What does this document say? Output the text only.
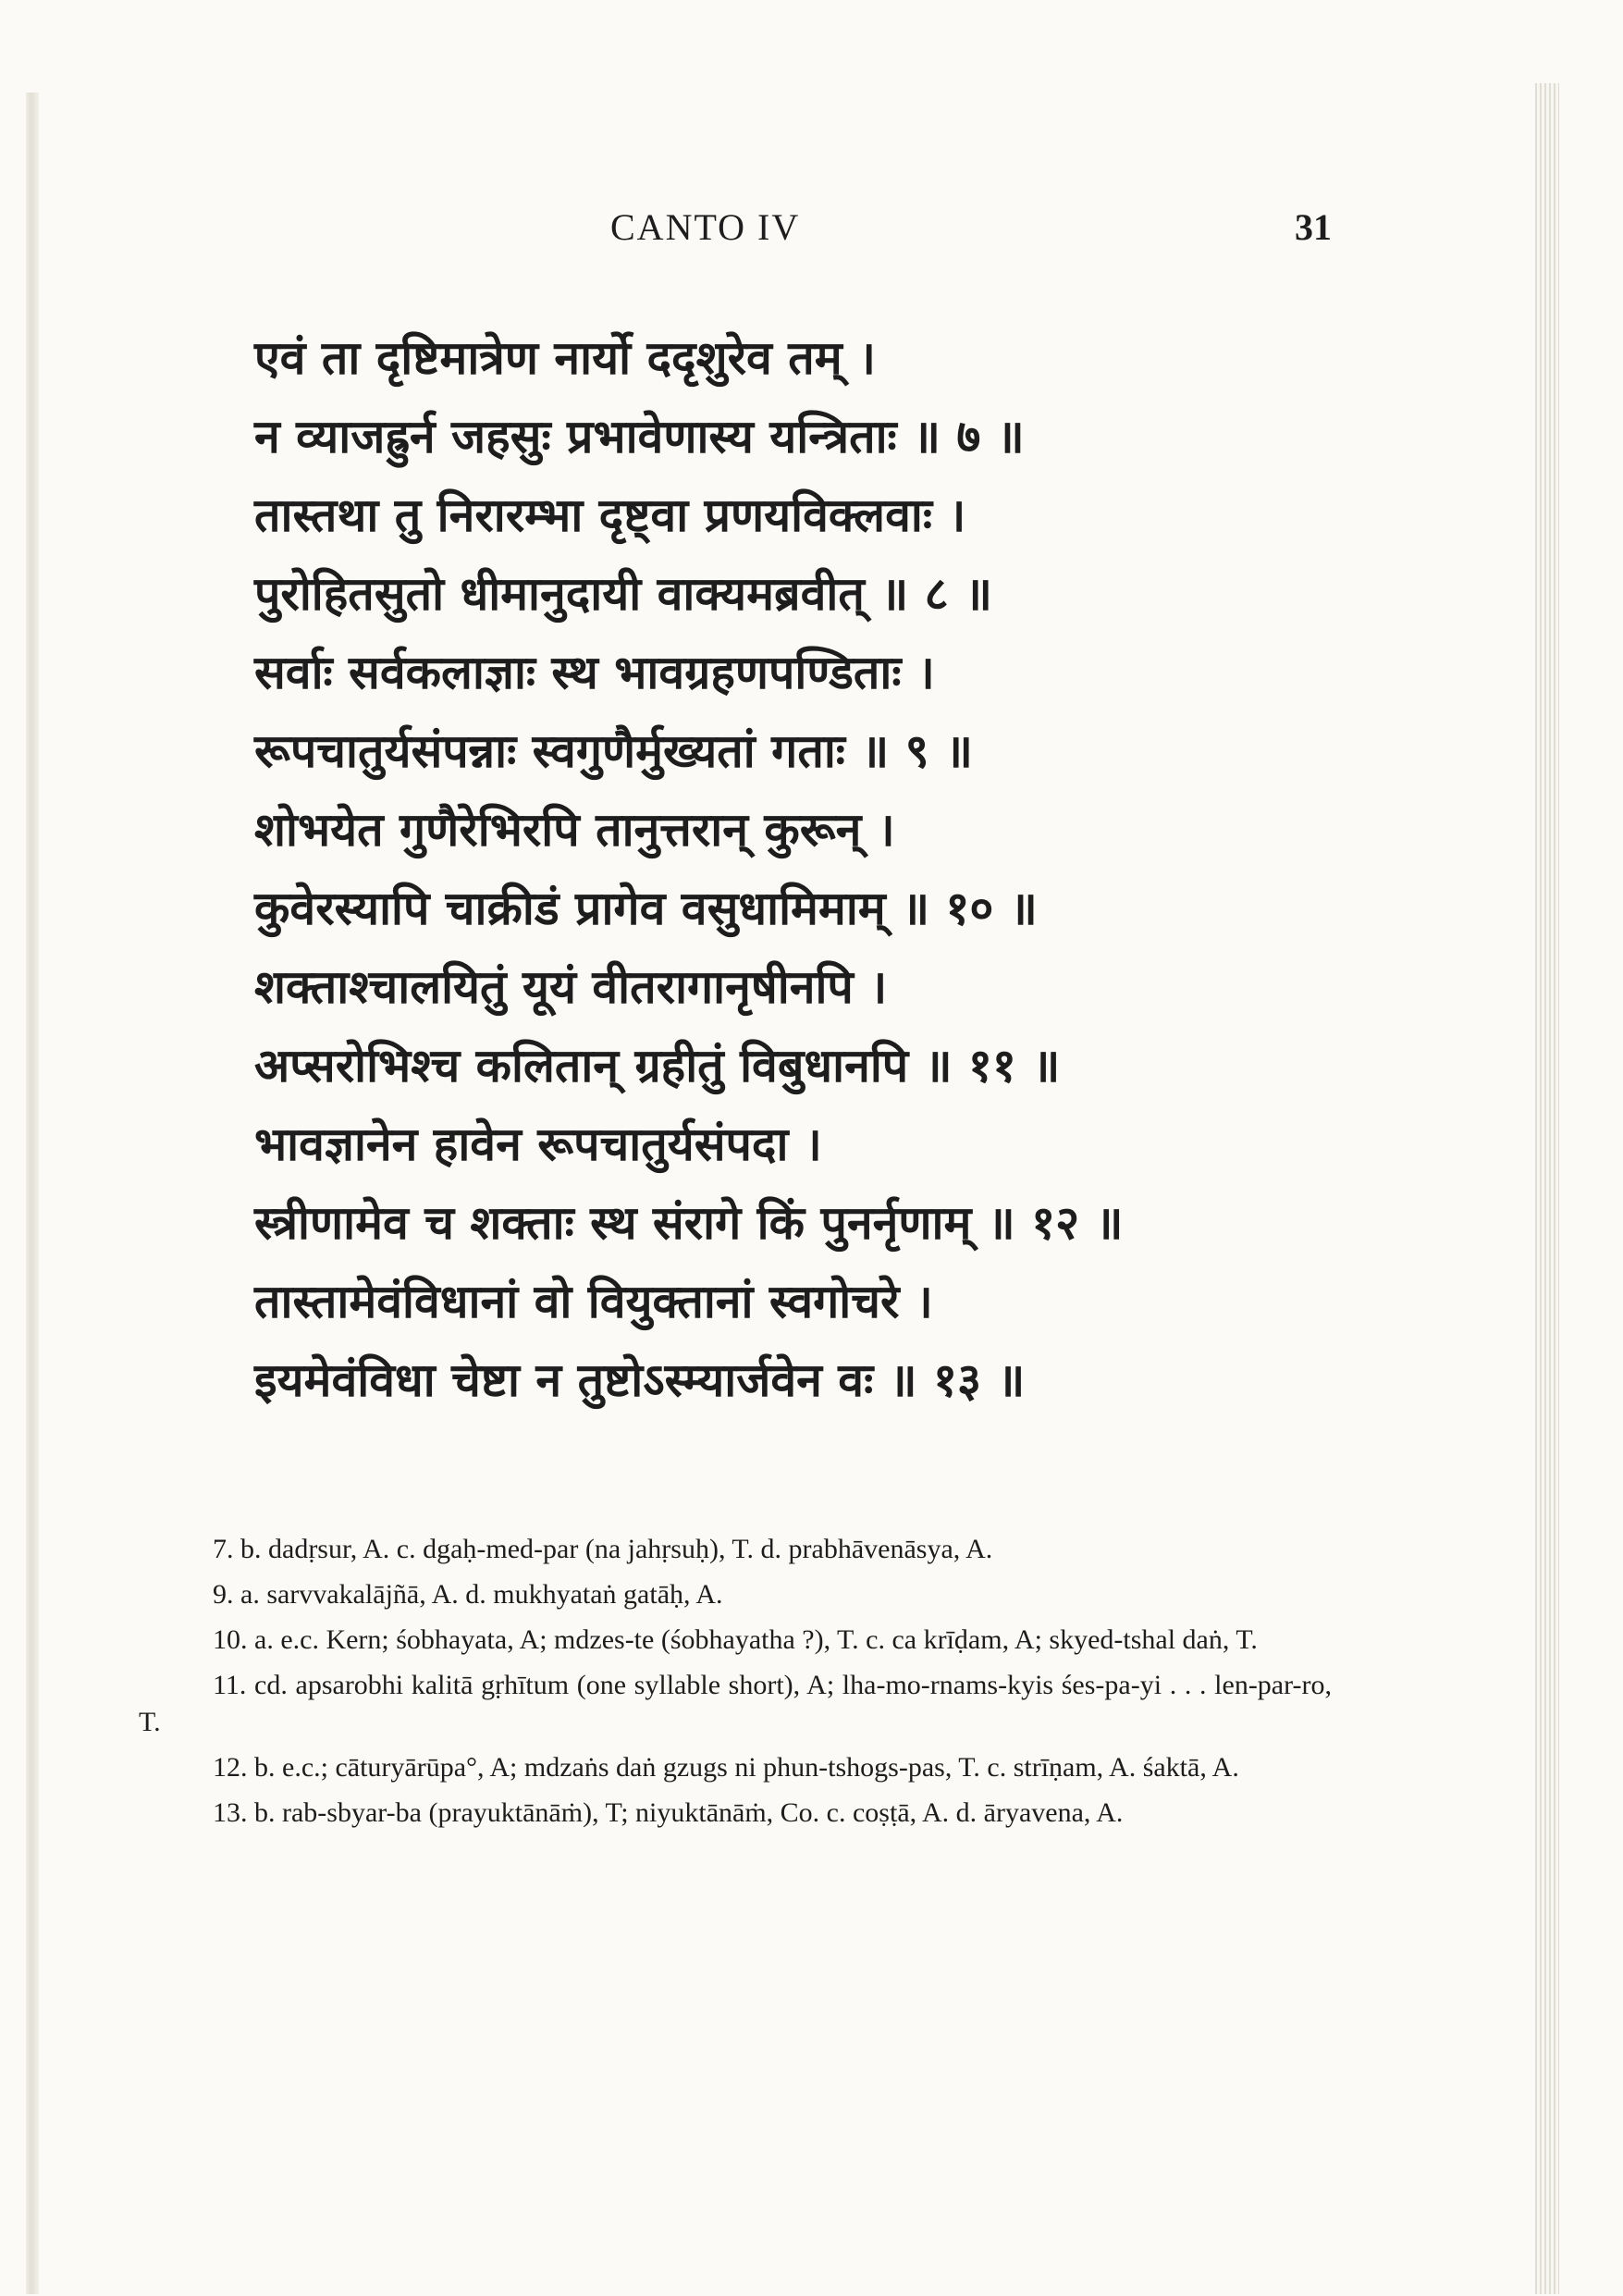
CANTO IV	31
एवं ता दृष्टिमात्रेण नार्यो ददृशुरेव तम् ।
न व्याजह्रुर्न जहसुः प्रभावेणास्य यन्त्रिताः ॥ ७ ॥
तास्तथा तु निरारम्भा दृष्ट्वा प्रणयविक्लवाः ।
पुरोहितसुतो धीमानुदायी वाक्यमब्रवीत् ॥ ८ ॥
सर्वाः सर्वकलाज्ञाः स्थ भावग्रहणपण्डिताः ।
रूपचातुर्यसंपन्नाः स्वगुणैर्मुख्यतां गताः ॥ ९ ॥
शोभयेत गुणैरेभिरपि तानुत्तरान् कुरून् ।
कुवेरस्यापि चाक्रीडं प्रागेव वसुधामिमाम् ॥ १० ॥
शक्ताश्चालयितुं यूयं वीतरागानृषीनपि ।
अप्सरोभिश्च कलितान् ग्रहीतुं विबुधानपि ॥ ११ ॥
भावज्ञानेन हावेन रूपचातुर्यसंपदा ।
स्त्रीणामेव च शक्ताः स्थ संरागे किं पुनर्नृणाम् ॥ १२ ॥
तास्तामेवंविधानां वो वियुक्तानां स्वगोचरे ।
इयमेवंविधा चेष्टा न तुष्टोऽस्म्यार्जवेन वः ॥ १३ ॥

7. b. dadṛsur, A. c. dgaḥ-med-par (na jahṛsuḥ), T. d. prabhāvenāsya, A.

9. a. sarvvakalājñā, A. d. mukhyataṅ gatāḥ, A.

10. a. e.c. Kern; śobhayata, A; mdzes-te (śobhayatha ?), T. c. ca krīḍam, A; skyed-tshal daṅ, T.

11. cd. apsarobhi kalitā gṛhītum (one syllable short), A; lha-mo-rnams-kyis śes-pa-yi . . . len-par-ro, T.

12. b. e.c.; cāturyārūpa°, A; mdzaṅs daṅ gzugs ni phun-tshogs-pas, T. c. strīṇam, A. śaktā, A.

13. b. rab-sbyar-ba (prayuktānāṁ), T; niyuktānāṁ, Co. c. coṣṭā, A. d. āryavena, A.
